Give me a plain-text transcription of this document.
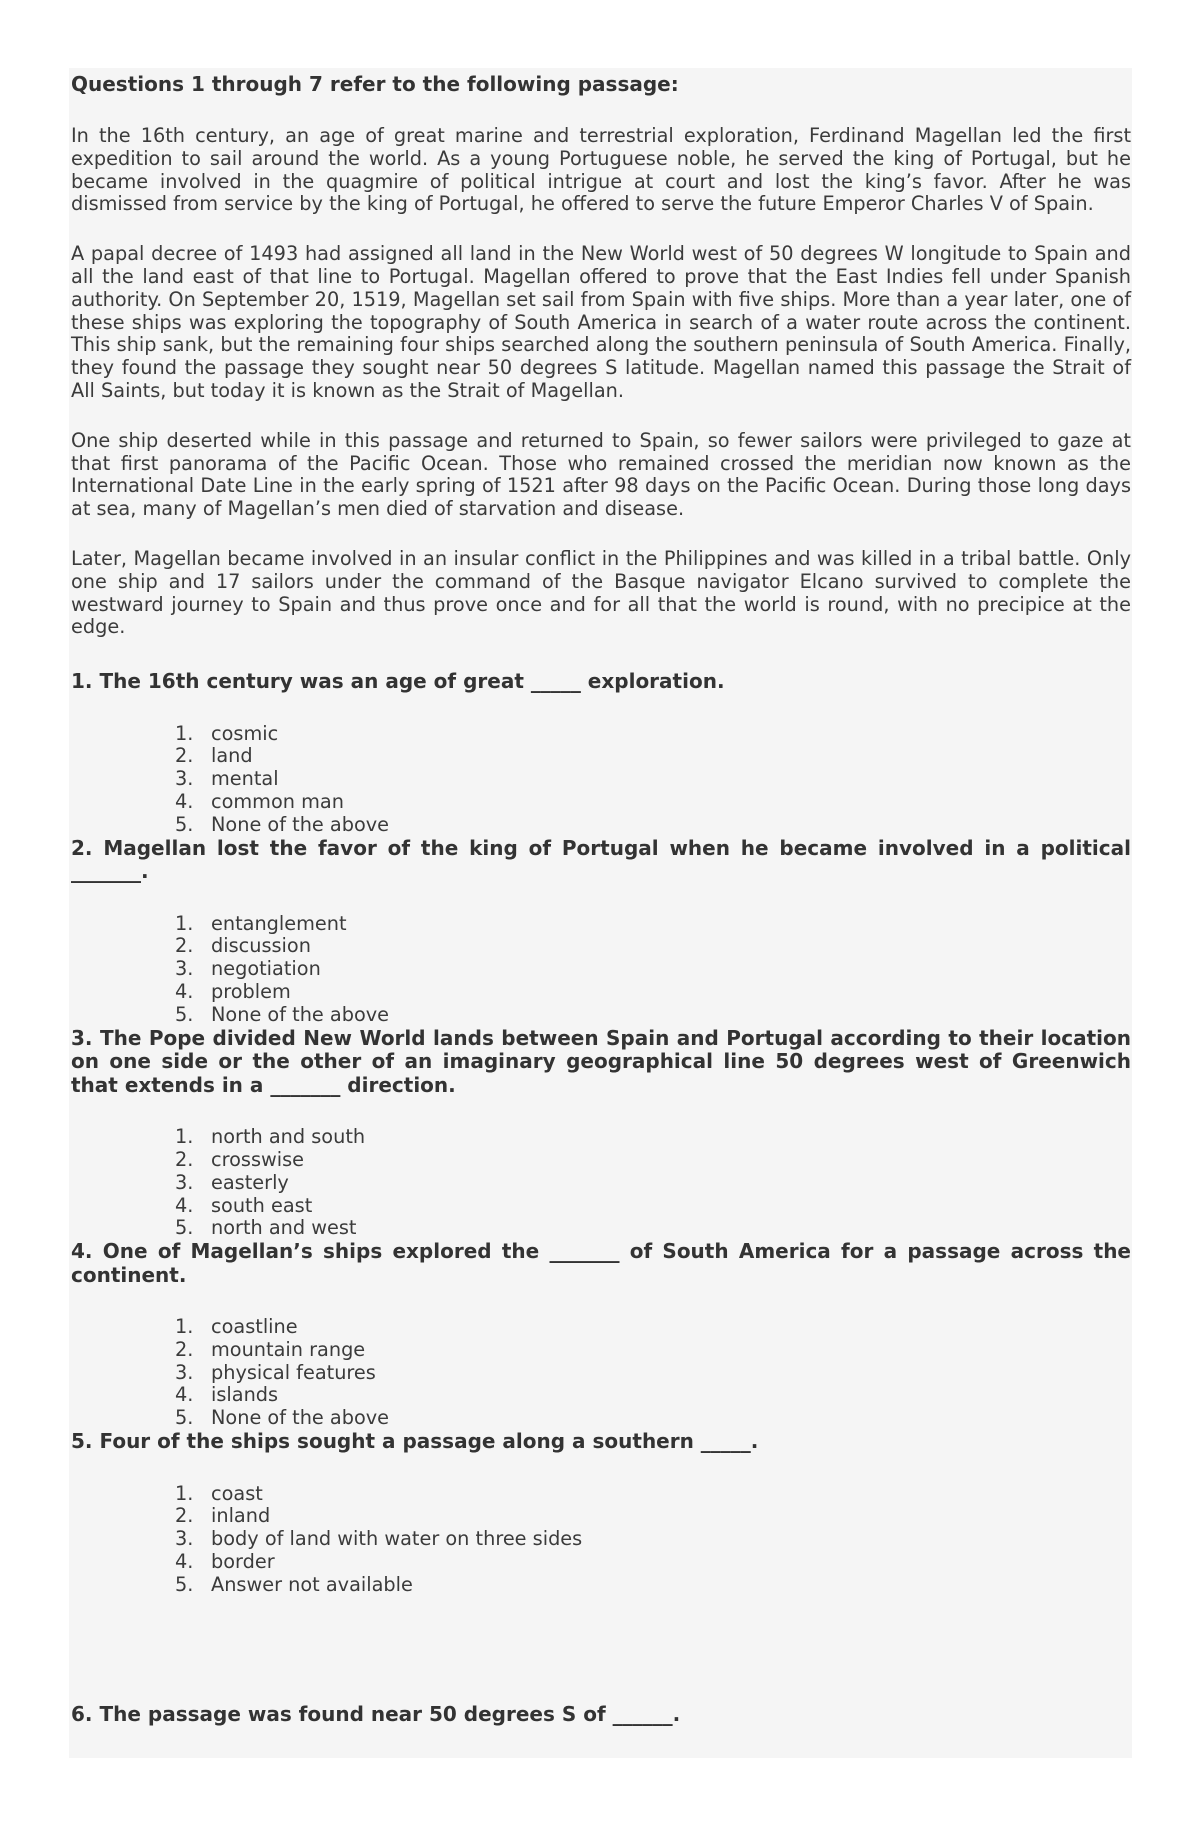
Questions 1 through 7 refer to the following passage:

In the 16th century, an age of great marine and terrestrial exploration, Ferdinand Magellan led the first expedition to sail around the world. As a young Portuguese noble, he served the king of Portugal, but he became involved in the quagmire of political intrigue at court and lost the king’s favor. After he was dismissed from service by the king of Portugal, he offered to serve the future Emperor Charles V of Spain.

A papal decree of 1493 had assigned all land in the New World west of 50 degrees W longitude to Spain and all the land east of that line to Portugal. Magellan offered to prove that the East Indies fell under Spanish authority. On September 20, 1519, Magellan set sail from Spain with five ships. More than a year later, one of these ships was exploring the topography of South America in search of a water route across the continent. This ship sank, but the remaining four ships searched along the southern peninsula of South America. Finally, they found the passage they sought near 50 degrees S latitude. Magellan named this passage the Strait of All Saints, but today it is known as the Strait of Magellan.

One ship deserted while in this passage and returned to Spain, so fewer sailors were privileged to gaze at that first panorama of the Pacific Ocean. Those who remained crossed the meridian now known as the International Date Line in the early spring of 1521 after 98 days on the Pacific Ocean. During those long days at sea, many of Magellan’s men died of starvation and disease.

Later, Magellan became involved in an insular conflict in the Philippines and was killed in a tribal battle. Only one ship and 17 sailors under the command of the Basque navigator Elcano survived to complete the westward journey to Spain and thus prove once and for all that the world is round, with no precipice at the edge.

1. The 16th century was an age of great _____ exploration.

cosmic
land
mental
common man
None of the above

2. Magellan lost the favor of the king of Portugal when he became involved in a political _______.

entanglement
discussion
negotiation
problem
None of the above

3. The Pope divided New World lands between Spain and Portugal according to their location on one side or the other of an imaginary geographical line 50 degrees west of Greenwich that extends in a _______ direction.

north and south
crosswise
easterly
south east
north and west

4. One of Magellan’s ships explored the _______ of South America for a passage across the continent.

coastline
mountain range
physical features
islands
None of the above

5. Four of the ships sought a passage along a southern _____.

coast
inland
body of land with water on three sides
border
Answer not available

6. The passage was found near 50 degrees S of ______.
